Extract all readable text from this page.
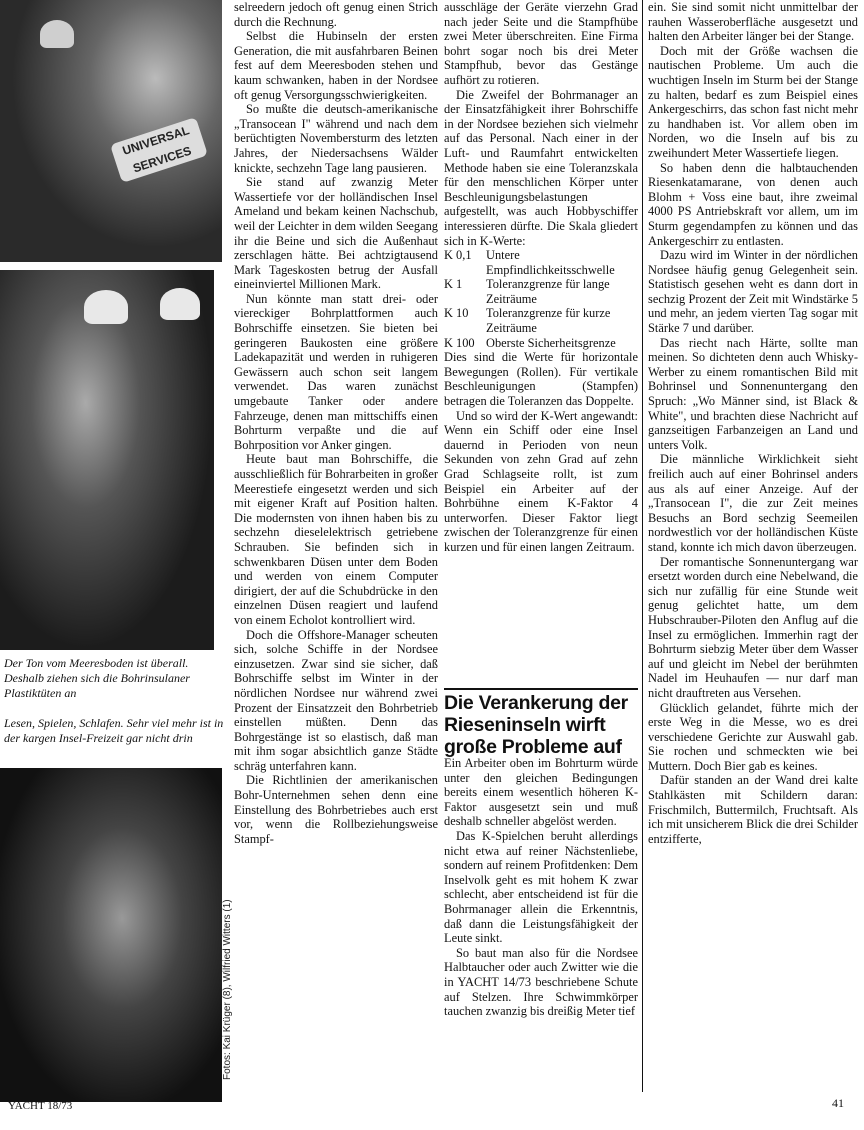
UNIVERSAL SERVICES
Der Ton vom Meeresboden ist überall. Deshalb ziehen sich die Bohrinsulaner Plastiktüten an
Lesen, Spielen, Schlafen. Sehr viel mehr ist in der kargen Insel-Freizeit gar nicht drin
Fotos: Kai Krüger (8), Wilfried Witters (1)

selreedern jedoch oft genug einen Strich durch die Rechnung.

Selbst die Hubinseln der ersten Generation, die mit ausfahrbaren Beinen fest auf dem Meeresboden stehen und kaum schwanken, haben in der Nordsee oft genug Versorgungsschwierigkeiten.

So mußte die deutsch-amerikanische „Transocean I" während und nach dem berüchtigten Novembersturm des letzten Jahres, der Niedersachsens Wälder knickte, sechzehn Tage lang pausieren.

Sie stand auf zwanzig Meter Wassertiefe vor der holländischen Insel Ameland und bekam keinen Nachschub, weil der Leichter in dem wilden Seegang ihr die Beine und sich die Außenhaut zerschlagen hätte. Bei achtzigtausend Mark Tageskosten betrug der Ausfall eineinviertel Millionen Mark.

Nun könnte man statt drei- oder viereckiger Bohrplattformen auch Bohrschiffe einsetzen. Sie bieten bei geringeren Baukosten eine größere Ladekapazität und werden in ruhigeren Gewässern auch schon seit langem verwendet. Das waren zunächst umgebaute Tanker oder andere Fahrzeuge, denen man mittschiffs einen Bohrturm verpaßte und die auf Bohrposition vor Anker gingen.

Heute baut man Bohrschiffe, die ausschließlich für Bohrarbeiten in großer Meerestiefe eingesetzt werden und sich mit eigener Kraft auf Position halten. Die modernsten von ihnen haben bis zu sechzehn dieselelektrisch getriebene Schrauben. Sie befinden sich in schwenkbaren Düsen unter dem Boden und werden von einem Computer dirigiert, der auf die Schubdrücke in den einzelnen Düsen reagiert und laufend von einem Echolot kontrolliert wird.

Doch die Offshore-Manager scheuten sich, solche Schiffe in der Nordsee einzusetzen. Zwar sind sie sicher, daß Bohrschiffe selbst im Winter in der nördlichen Nordsee nur während zwei Prozent der Einsatzzeit den Bohrbetrieb einstellen müßten. Denn das Bohrgestänge ist so elastisch, daß man mit ihm sogar absichtlich ganze Städte schräg unterfahren kann.

Die Richtlinien der amerikanischen Bohr-Unternehmen sehen denn eine Einstellung des Bohrbetriebes auch erst vor, wenn die Rollbeziehungsweise Stampf-

ausschläge der Geräte vierzehn Grad nach jeder Seite und die Stampfhübe zwei Meter überschreiten. Eine Firma bohrt sogar noch bis drei Meter Stampfhub, bevor das Gestänge aufhört zu rotieren.

Die Zweifel der Bohrmanager an der Einsatzfähigkeit ihrer Bohrschiffe in der Nordsee beziehen sich vielmehr auf das Personal. Nach einer in der Luft- und Raumfahrt entwickelten Methode haben sie eine Toleranzskala für den menschlichen Körper unter Beschleunigungsbelastungen aufgestellt, was auch Hobbyschiffer interessieren dürfte. Die Skala gliedert sich in K-Werte:

K 0,1	Untere Empfindlichkeitsschwelle
K 1	Toleranzgrenze für lange Zeiträume
K 10	Toleranzgrenze für kurze Zeiträume
K 100 Oberste Sicherheitsgrenze

Dies sind die Werte für horizontale Bewegungen (Rollen). Für vertikale Beschleunigungen (Stampfen) betragen die Toleranzen das Doppelte.

Und so wird der K-Wert angewandt: Wenn ein Schiff oder eine Insel dauernd in Perioden von neun Sekunden von zehn Grad auf zehn Grad Schlagseite rollt, ist zum Beispiel ein Arbeiter auf der Bohrbühne einem K-Faktor 4 unterworfen. Dieser Faktor liegt zwischen der Toleranzgrenze für einen kurzen und für einen langen Zeitraum.

Ein Arbeiter oben im Bohrturm würde unter den gleichen Bedingungen bereits einem wesentlich höheren K-Faktor ausgesetzt sein und muß deshalb schneller abgelöst werden.

Das K-Spielchen beruht allerdings nicht etwa auf reiner Nächstenliebe, sondern auf reinem Profitdenken: Dem Inselvolk geht es mit hohem K zwar schlecht, aber entscheidend ist für die Bohrmanager allein die Erkenntnis, daß dann die Leistungsfähigkeit der Leute sinkt.

So baut man also für die Nordsee Halbtaucher oder auch Zwitter wie die in YACHT 14/73 beschriebene Schute auf Stelzen. Ihre Schwimmkörper tauchen zwanzig bis dreißig Meter tief

Die Verankerung der Rieseninseln wirft große Probleme auf

ein. Sie sind somit nicht unmittelbar der rauhen Wasseroberfläche ausgesetzt und halten den Arbeiter länger bei der Stange.

Doch mit der Größe wachsen die nautischen Probleme. Um auch die wuchtigen Inseln im Sturm bei der Stange zu halten, bedarf es zum Beispiel eines Ankergeschirrs, das schon fast nicht mehr zu handhaben ist. Vor allem oben im Norden, wo die Inseln auf bis zu zweihundert Meter Wassertiefe liegen.

So haben denn die halbtauchenden Riesenkatamarane, von denen auch Blohm + Voss eine baut, ihre zweimal 4000 PS Antriebskraft vor allem, um im Sturm gegendampfen zu können und das Ankergeschirr zu entlasten.

Dazu wird im Winter in der nördlichen Nordsee häufig genug Gelegenheit sein. Statistisch gesehen weht es dann dort in sechzig Prozent der Zeit mit Windstärke 5 und mehr, an jedem vierten Tag sogar mit Stärke 7 und darüber.

Das riecht nach Härte, sollte man meinen. So dichteten denn auch Whisky-Werber zu einem romantischen Bild mit Bohrinsel und Sonnenuntergang den Spruch: „Wo Männer sind, ist Black & White", und brachten diese Nachricht auf ganzseitigen Farbanzeigen an Land und unters Volk.

Die männliche Wirklichkeit sieht freilich auch auf einer Bohrinsel anders aus als auf einer Anzeige. Auf der „Transocean I", die zur Zeit meines Besuchs an Bord sechzig Seemeilen nordwestlich vor der holländischen Küste stand, konnte ich mich davon überzeugen.

Der romantische Sonnenuntergang war ersetzt worden durch eine Nebelwand, die sich nur zufällig für eine Stunde weit genug gelichtet hatte, um dem Hubschrauber-Piloten den Anflug auf die Insel zu ermöglichen. Immerhin ragt der Bohrturm siebzig Meter über dem Wasser auf und gleicht im Nebel der berühmten Nadel im Heuhaufen — nur darf man nicht drauftreten aus Versehen.

Glücklich gelandet, führte mich der erste Weg in die Messe, wo es drei verschiedene Gerichte zur Auswahl gab. Sie rochen und schmeckten wie bei Muttern. Doch Bier gab es keines.

Dafür standen an der Wand drei kalte Stahlkästen mit Schildern daran: Frischmilch, Buttermilch, Fruchtsaft. Als ich mit unsicherem Blick die drei Schilder entzifferte,

YACHT 18/73	41
